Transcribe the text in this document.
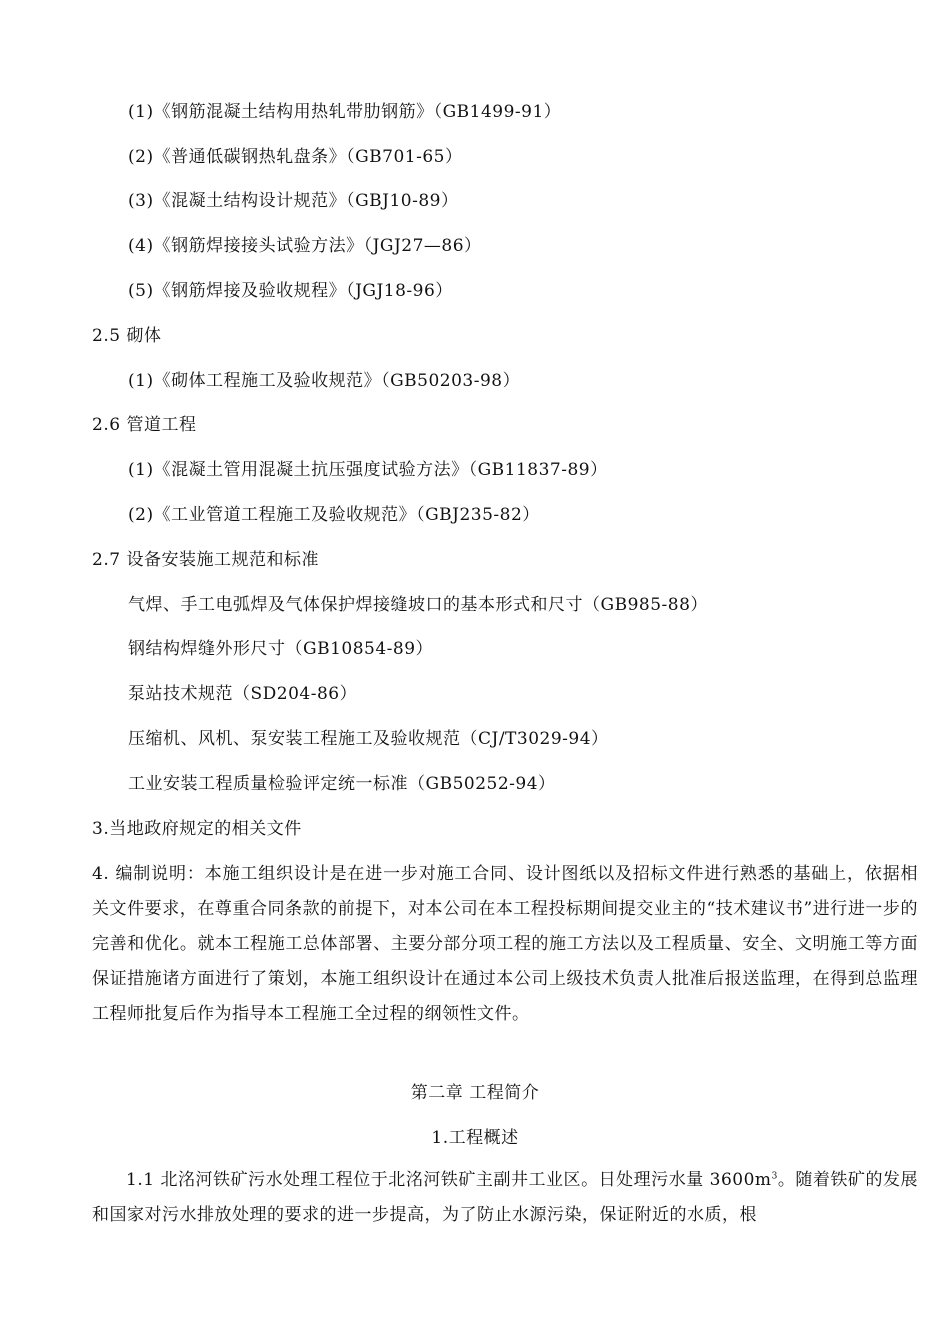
(1)《钢筋混凝土结构用热轧带肋钢筋》（GB1499-91）
(2)《普通低碳钢热轧盘条》（GB701-65）
(3)《混凝土结构设计规范》（GBJ10-89）
(4)《钢筋焊接接头试验方法》（JGJ27—86）
(5)《钢筋焊接及验收规程》（JGJ18-96）
2.5 砌体
(1)《砌体工程施工及验收规范》（GB50203-98）
2.6 管道工程
(1)《混凝土管用混凝土抗压强度试验方法》（GB11837-89）
(2)《工业管道工程施工及验收规范》（GBJ235-82）
2.7 设备安装施工规范和标准
气焊、手工电弧焊及气体保护焊接缝坡口的基本形式和尺寸（GB985-88）
钢结构焊缝外形尺寸（GB10854-89）
泵站技术规范（SD204-86）
压缩机、风机、泵安装工程施工及验收规范（CJ/T3029-94）
工业安装工程质量检验评定统一标准（GB50252-94）
3.当地政府规定的相关文件
4. 编制说明：本施工组织设计是在进一步对施工合同、设计图纸以及招标文件进行熟悉的基础上，依据相关文件要求，在尊重合同条款的前提下，对本公司在本工程投标期间提交业主的“技术建议书”进行进一步的完善和优化。就本工程施工总体部署、主要分部分项工程的施工方法以及工程质量、安全、文明施工等方面保证措施诸方面进行了策划，本施工组织设计在通过本公司上级技术负责人批准后报送监理，在得到总监理工程师批复后作为指导本工程施工全过程的纲领性文件。
第二章 工程简介
1.工程概述
1.1 北洺河铁矿污水处理工程位于北洺河铁矿主副井工业区。日处理污水量 $3600m^3$。随着铁矿的发展和国家对污水排放处理的要求的进一步提高，为了防止水源污染，保证附近的水质，根
